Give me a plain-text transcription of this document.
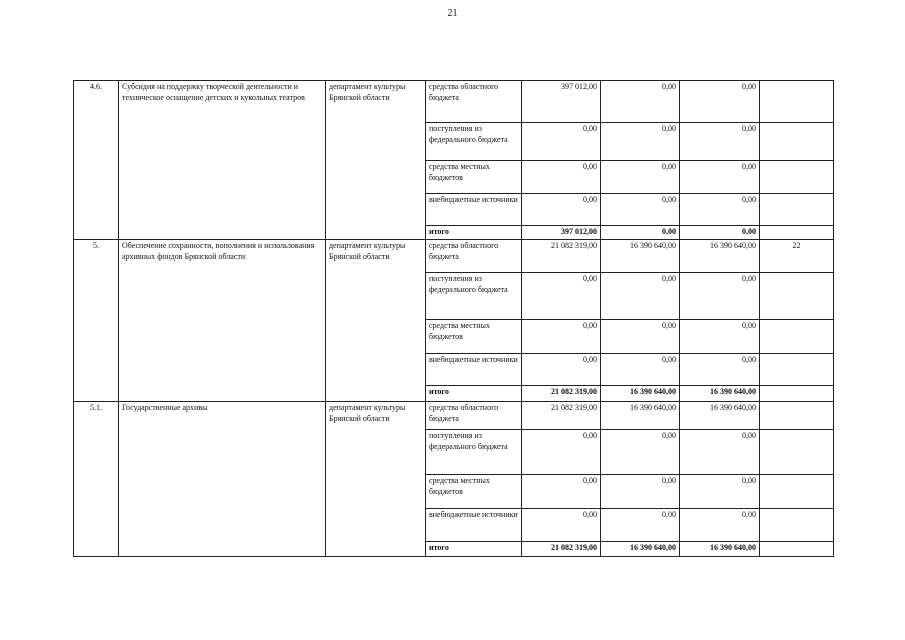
21
4.6.	Субсидия на поддержку творческой деятельности и техническое оснащение детских и кукольных театров	департамент культуры Брянской области	средства областного бюджета	397 012,00	0,00	0,00	
			поступления из федерального бюджета	0,00	0,00	0,00	
			средства местных бюджетов	0,00	0,00	0,00	
			внебюджетные источники	0,00	0,00	0,00	
			итого	397 012,00	0,00	0,00	
5.	Обеспечение сохранности, пополнения и использования архивных фондов Брянской области	департамент культуры Брянской области	средства областного бюджета	21 082 319,00	16 390 640,00	16 390 640,00	22
			поступления из федерального бюджета	0,00	0,00	0,00	
			средства местных бюджетов	0,00	0,00	0,00	
			внебюджетные источники	0,00	0,00	0,00	
			итого	21 082 319,00	16 390 640,00	16 390 640,00	
5.1.	Государственные архивы	департамент культуры Брянской области	средства областного бюджета	21 082 319,00	16 390 640,00	16 390 640,00	
			поступления из федерального бюджета	0,00	0,00	0,00	
			средства местных бюджетов	0,00	0,00	0,00	
			внебюджетные источники	0,00	0,00	0,00	
			итого	21 082 319,00	16 390 640,00	16 390 640,00	
